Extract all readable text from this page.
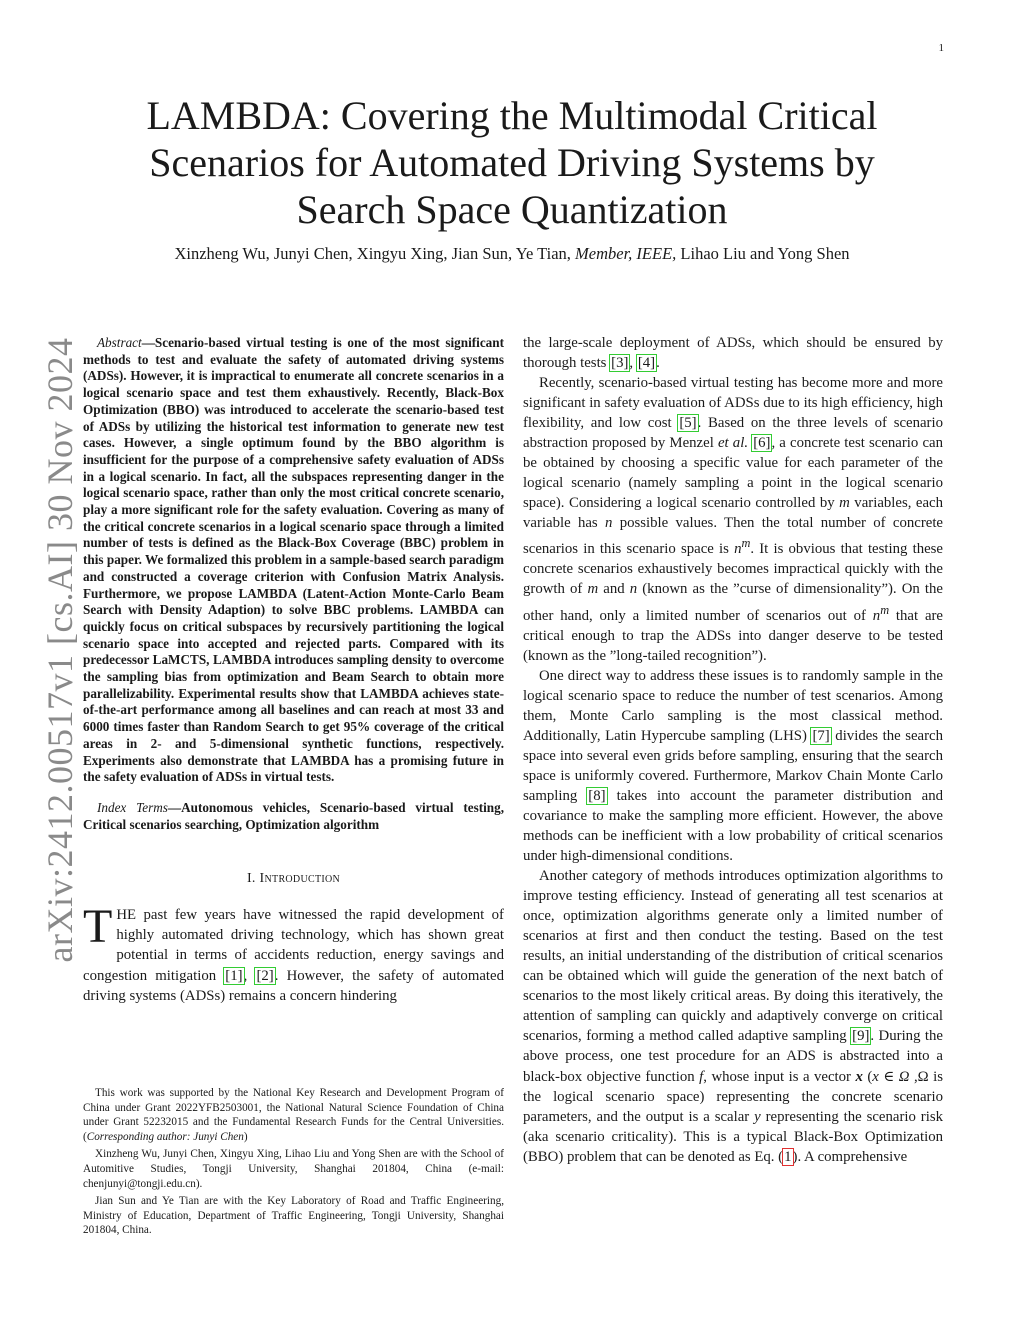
1
arXiv:2412.00517v1 [cs.AI] 30 Nov 2024
LAMBDA: Covering the Multimodal Critical
Scenarios for Automated Driving Systems by
Search Space Quantization
Xinzheng Wu, Junyi Chen, Xingyu Xing, Jian Sun, Ye Tian, Member, IEEE, Lihao Liu and Yong Shen

Abstract—Scenario-based virtual testing is one of the most significant methods to test and evaluate the safety of automated driving systems (ADSs). However, it is impractical to enumerate all concrete scenarios in a logical scenario space and test them exhaustively. Recently, Black-Box Optimization (BBO) was introduced to accelerate the scenario-based test of ADSs by utilizing the historical test information to generate new test cases. However, a single optimum found by the BBO algorithm is insufficient for the purpose of a comprehensive safety evaluation of ADSs in a logical scenario. In fact, all the subspaces representing danger in the logical scenario space, rather than only the most critical concrete scenario, play a more significant role for the safety evaluation. Covering as many of the critical concrete scenarios in a logical scenario space through a limited number of tests is defined as the Black-Box Coverage (BBC) problem in this paper. We formalized this problem in a sample-based search paradigm and constructed a coverage criterion with Confusion Matrix Analysis. Furthermore, we propose LAMBDA (Latent-Action Monte-Carlo Beam Search with Density Adaption) to solve BBC problems. LAMBDA can quickly focus on critical subspaces by recursively partitioning the logical scenario space into accepted and rejected parts. Compared with its predecessor LaMCTS, LAMBDA introduces sampling density to overcome the sampling bias from optimization and Beam Search to obtain more parallelizability. Experimental results show that LAMBDA achieves state-of-the-art performance among all baselines and can reach at most 33 and 6000 times faster than Random Search to get 95% coverage of the critical areas in 2- and 5-dimensional synthetic functions, respectively. Experiments also demonstrate that LAMBDA has a promising future in the safety evaluation of ADSs in virtual tests.

Index Terms—Autonomous vehicles, Scenario-based virtual testing, Critical scenarios searching, Optimization algorithm

I. Introduction

THE past few years have witnessed the rapid development of highly automated driving technology, which has shown great potential in terms of accidents reduction, energy savings and congestion mitigation [1], [2]. However, the safety of automated driving systems (ADSs) remains a concern hindering

This work was supported by the National Key Research and Development Program of China under Grant 2022YFB2503001, the National Natural Science Foundation of China under Grant 52232015 and the Fundamental Research Funds for the Central Universities. (Corresponding author: Junyi Chen)

Xinzheng Wu, Junyi Chen, Xingyu Xing, Lihao Liu and Yong Shen are with the School of Automitive Studies, Tongji University, Shanghai 201804, China (e-mail: chenjunyi@tongji.edu.cn).

Jian Sun and Ye Tian are with the Key Laboratory of Road and Traffic Engineering, Ministry of Education, Department of Traffic Engineering, Tongji University, Shanghai 201804, China.

the large-scale deployment of ADSs, which should be ensured by thorough tests [3], [4].

Recently, scenario-based virtual testing has become more and more significant in safety evaluation of ADSs due to its high efficiency, high flexibility, and low cost [5]. Based on the three levels of scenario abstraction proposed by Menzel et al. [6], a concrete test scenario can be obtained by choosing a specific value for each parameter of the logical scenario (namely sampling a point in the logical scenario space). Considering a logical scenario controlled by m variables, each variable has n possible values. Then the total number of concrete scenarios in this scenario space is $n^m$. It is obvious that testing these concrete scenarios exhaustively becomes impractical quickly with the growth of m and n (known as the ”curse of dimensionality”). On the other hand, only a limited number of scenarios out of $n^m$ that are critical enough to trap the ADSs into danger deserve to be tested (known as the ”long-tailed recognition”).

One direct way to address these issues is to randomly sample in the logical scenario space to reduce the number of test scenarios. Among them, Monte Carlo sampling is the most classical method. Additionally, Latin Hypercube sampling (LHS) [7] divides the search space into several even grids before sampling, ensuring that the search space is uniformly covered. Furthermore, Markov Chain Monte Carlo sampling [8] takes into account the parameter distribution and covariance to make the sampling more efficient. However, the above methods can be inefficient with a low probability of critical scenarios under high-dimensional conditions.

Another category of methods introduces optimization algorithms to improve testing efficiency. Instead of generating all test scenarios at once, optimization algorithms generate only a limited number of scenarios at first and then conduct the testing. Based on the test results, an initial understanding of the distribution of critical scenarios can be obtained which will guide the generation of the next batch of scenarios to the most likely critical areas. By doing this iteratively, the attention of sampling can quickly and adaptively converge on critical scenarios, forming a method called adaptive sampling [9]. During the above process, one test procedure for an ADS is abstracted into a black-box objective function f, whose input is a vector x (x ∈ Ω ,Ω is the logical scenario space) representing the concrete scenario parameters, and the output is a scalar y representing the scenario risk (aka scenario criticality). This is a typical Black-Box Optimization (BBO) problem that can be denoted as Eq. (1). A comprehensive
